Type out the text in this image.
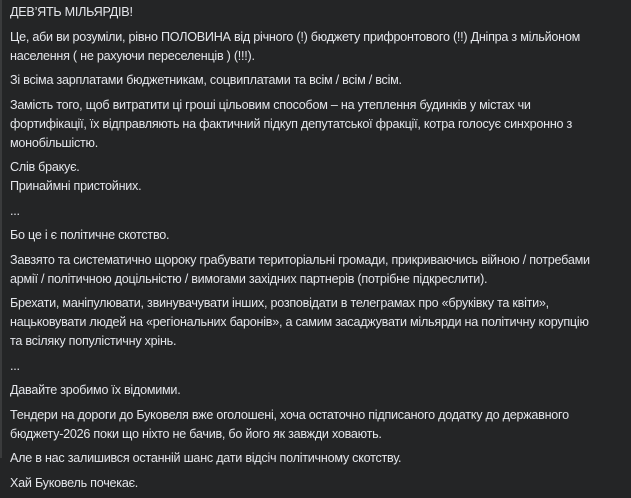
ДЕВ’ЯТЬ МІЛЬЯРДІВ!
Це, аби ви розуміли, рівно ПОЛОВИНА від річного (!) бюджету прифронтового (!!) Дніпра з мільйоном
населення ( не рахуючи переселенців ) (!!!).
Зі всіма зарплатами бюджетникам, соцвиплатами та всім / всім / всім.
Замість того, щоб витратити ці гроші цільовим способом – на утеплення будинків у містах чи
фортифікації, їх відправляють на фактичний підкуп депутатської фракції, котра голосує синхронно з
монобільшістю.
Слів бракує.
Принаймні пристойних.
...
Бо це і є політичне скотство.
Завзято та систематично щороку грабувати територіальні громади, прикриваючись війною / потребами
армії / політичною доцільністю / вимогами західних партнерів (потрібне підкреслити).
Брехати, маніпулювати, звинувачувати інших, розповідати в телеграмах про «бруківку та квіти»,
нацьковувати людей на «регіональних баронів», а самим засаджувати мільярди на політичну корупцію
та всіляку популістичну хрінь.
...
Давайте зробимо їх відомими.
Тендери на дороги до Буковеля вже оголошені, хоча остаточно підписаного додатку до державного
бюджету-2026 поки що ніхто не бачив, бо його як завжди ховають.
Але в нас залишився останній шанс дати відсіч політичному скотству.
Хай Буковель почекає.
